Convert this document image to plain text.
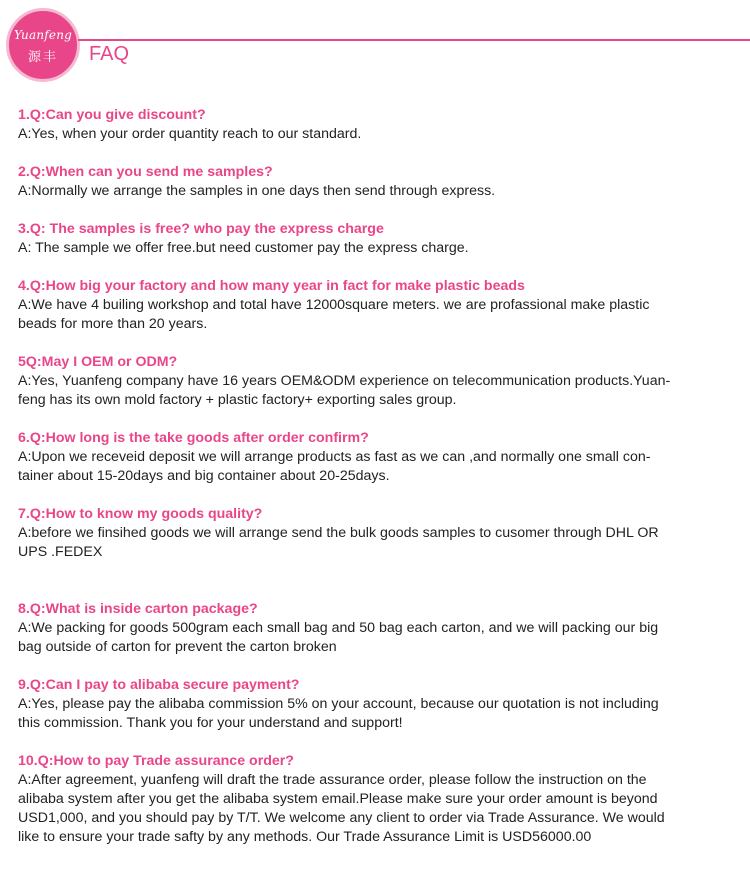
Yuanfeng
源丰	FAQ
1.Q:Can you give discount?
A:Yes, when your order quantity reach to our standard.
2.Q:When can you send me samples?
A:Normally we arrange the samples in one days then send through express.
3.Q: The samples is free? who pay the express charge
A: The sample we offer free.but need customer pay the express charge.
4.Q:How big your factory and how many year in fact for make plastic beads
A:We have 4 builing workshop and total have 12000square meters. we are profassional make plastic
beads for more than 20 years.
5Q:May I OEM or ODM?
A:Yes, Yuanfeng company have 16 years OEM&ODM experience on telecommunication products.Yuan-
feng has its own mold factory + plastic factory+ exporting sales group.
6.Q:How long is the take goods after order confirm?
A:Upon we receveid deposit we will arrange products as fast as we can ,and normally one small con-
tainer about 15-20days and big container about 20-25days.
7.Q:How to know my goods quality?
A:before we finsihed goods we will arrange send the bulk goods samples to cusomer through DHL OR
UPS .FEDEX
8.Q:What is inside carton package?
A:We packing for goods 500gram each small bag and 50 bag each carton, and we will packing our big
bag outside of carton for prevent the carton broken
9.Q:Can I pay to alibaba secure payment?
A:Yes, please pay the alibaba commission 5% on your account, because our quotation is not including
this commission. Thank you for your understand and support!
10.Q:How to pay Trade assurance order?
A:After agreement, yuanfeng will draft the trade assurance order, please follow the instruction on the
alibaba system after you get the alibaba system email.Please make sure your order amount is beyond
USD1,000, and you should pay by T/T. We welcome any client to order via Trade Assurance. We would
like to ensure your trade safty by any methods. Our Trade Assurance Limit is USD56000.00
